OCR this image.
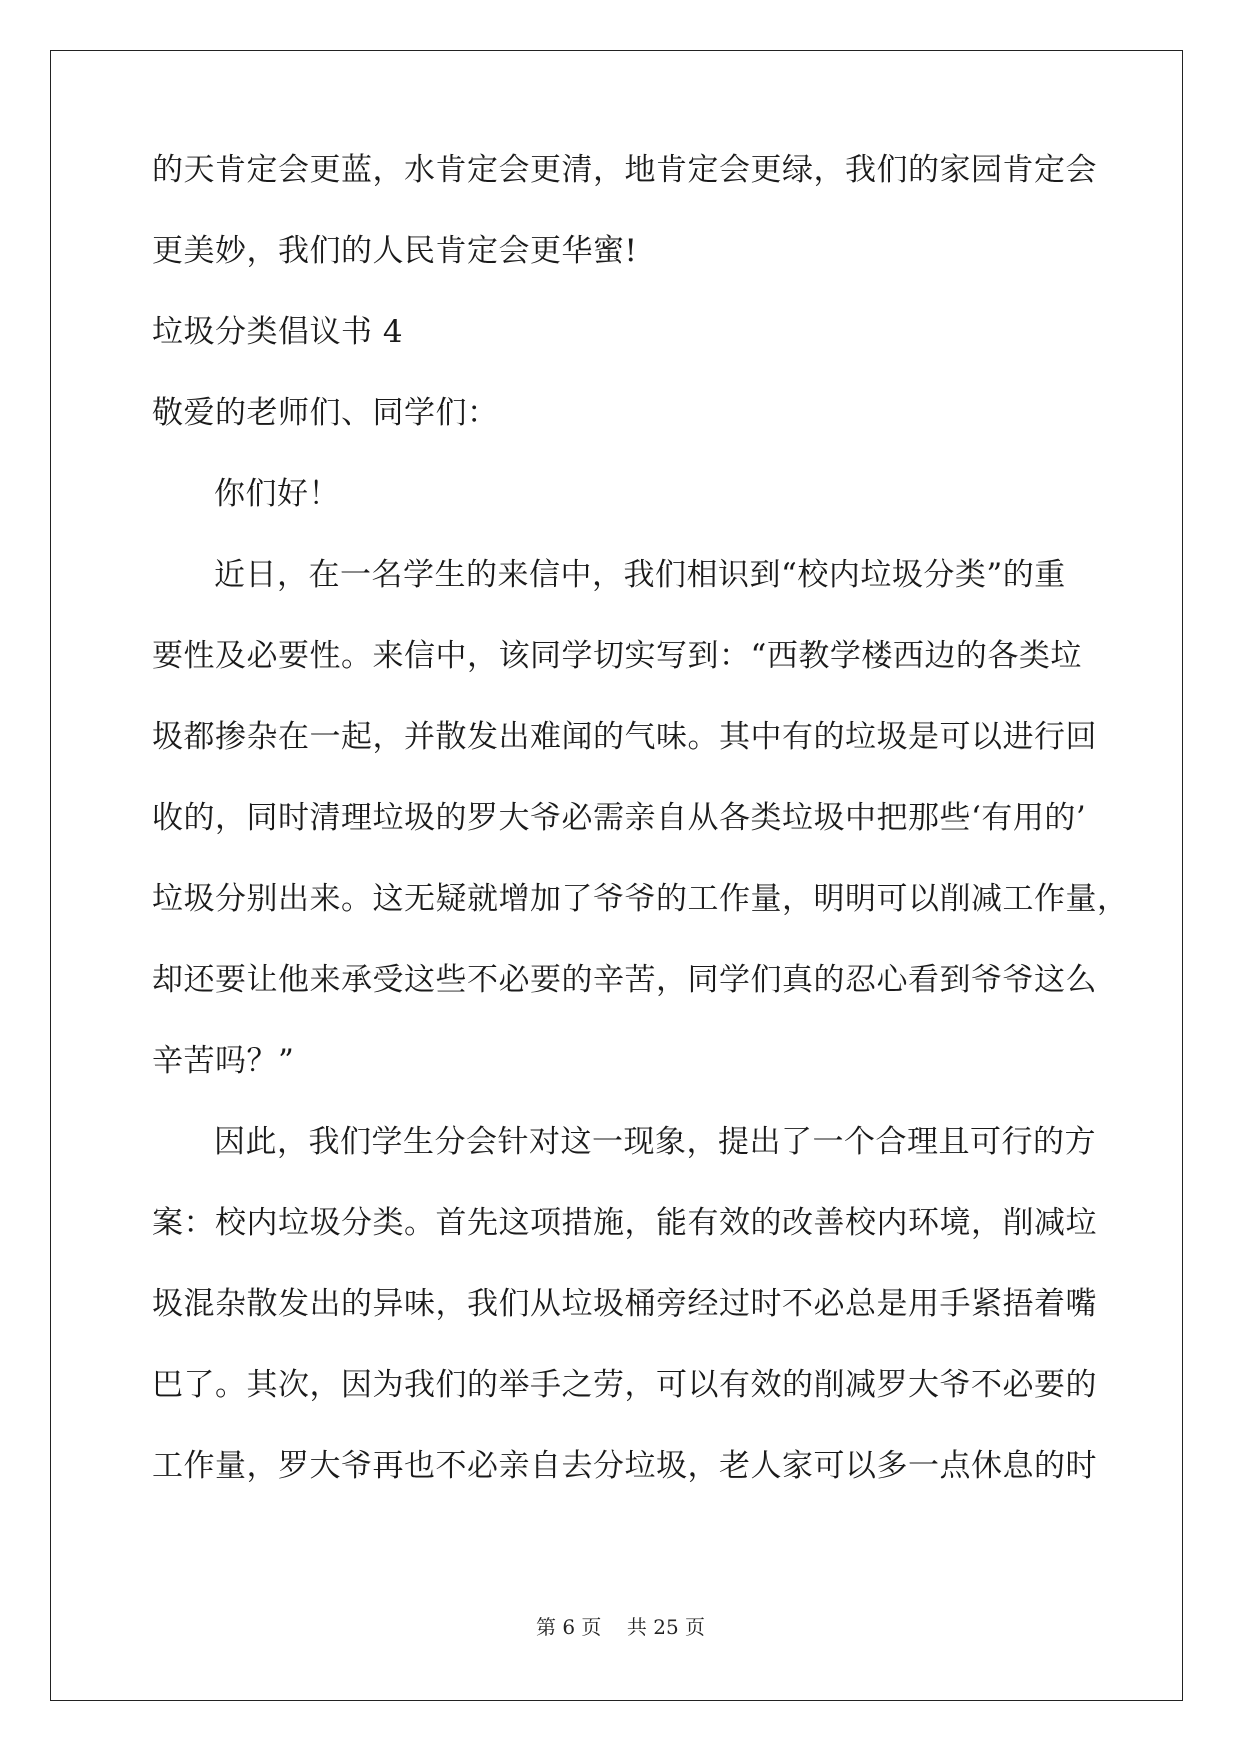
的天肯定会更蓝，水肯定会更清，地肯定会更绿，我们的家园肯定会
更美妙，我们的人民肯定会更华蜜!
垃圾分类倡议书 4
敬爱的老师们、同学们：
你们好！
近日，在一名学生的来信中，我们相识到“校内垃圾分类”的重
要性及必要性。来信中，该同学切实写到：“西教学楼西边的各类垃
圾都掺杂在一起，并散发出难闻的气味。其中有的垃圾是可以进行回
收的，同时清理垃圾的罗大爷必需亲自从各类垃圾中把那些‘有用的’
垃圾分别出来。这无疑就增加了爷爷的工作量，明明可以削减工作量，
却还要让他来承受这些不必要的辛苦，同学们真的忍心看到爷爷这么
辛苦吗？”
因此，我们学生分会针对这一现象，提出了一个合理且可行的方
案：校内垃圾分类。首先这项措施，能有效的改善校内环境，削减垃
圾混杂散发出的异味，我们从垃圾桶旁经过时不必总是用手紧捂着嘴
巴了。其次，因为我们的举手之劳，可以有效的削减罗大爷不必要的
工作量，罗大爷再也不必亲自去分垃圾，老人家可以多一点休息的时
第 6 页 共 25 页
